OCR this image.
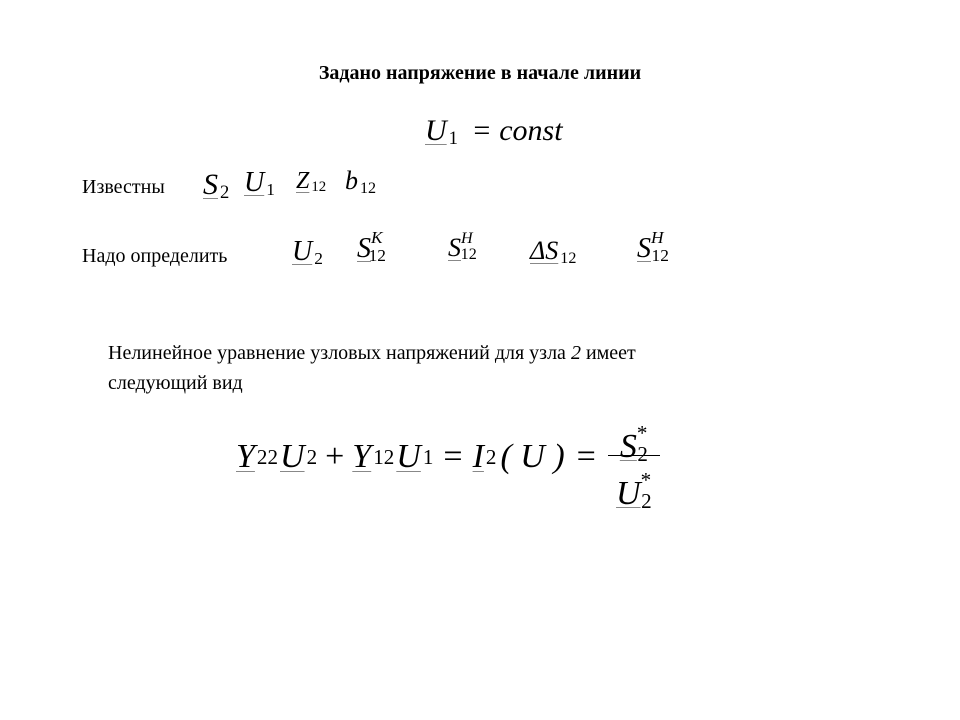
Задано напряжение в начале линии
U $_1$ = const
Известны S $_2$ U $_1$ Z $_{12}$ b $_{12}$
Надо определить U $_2$ $S^K_{12}$ $S^H_{12}$ ΔS $_{12}$ $S^H_{12}$
Нелинейное уравнение узловых напряжений для узла 2 имеет
следующий вид
Y 22 U 2 + Y 12 U 1 = I 2 ( U ) = $\frac{S^*_2}{U^*_2}$
